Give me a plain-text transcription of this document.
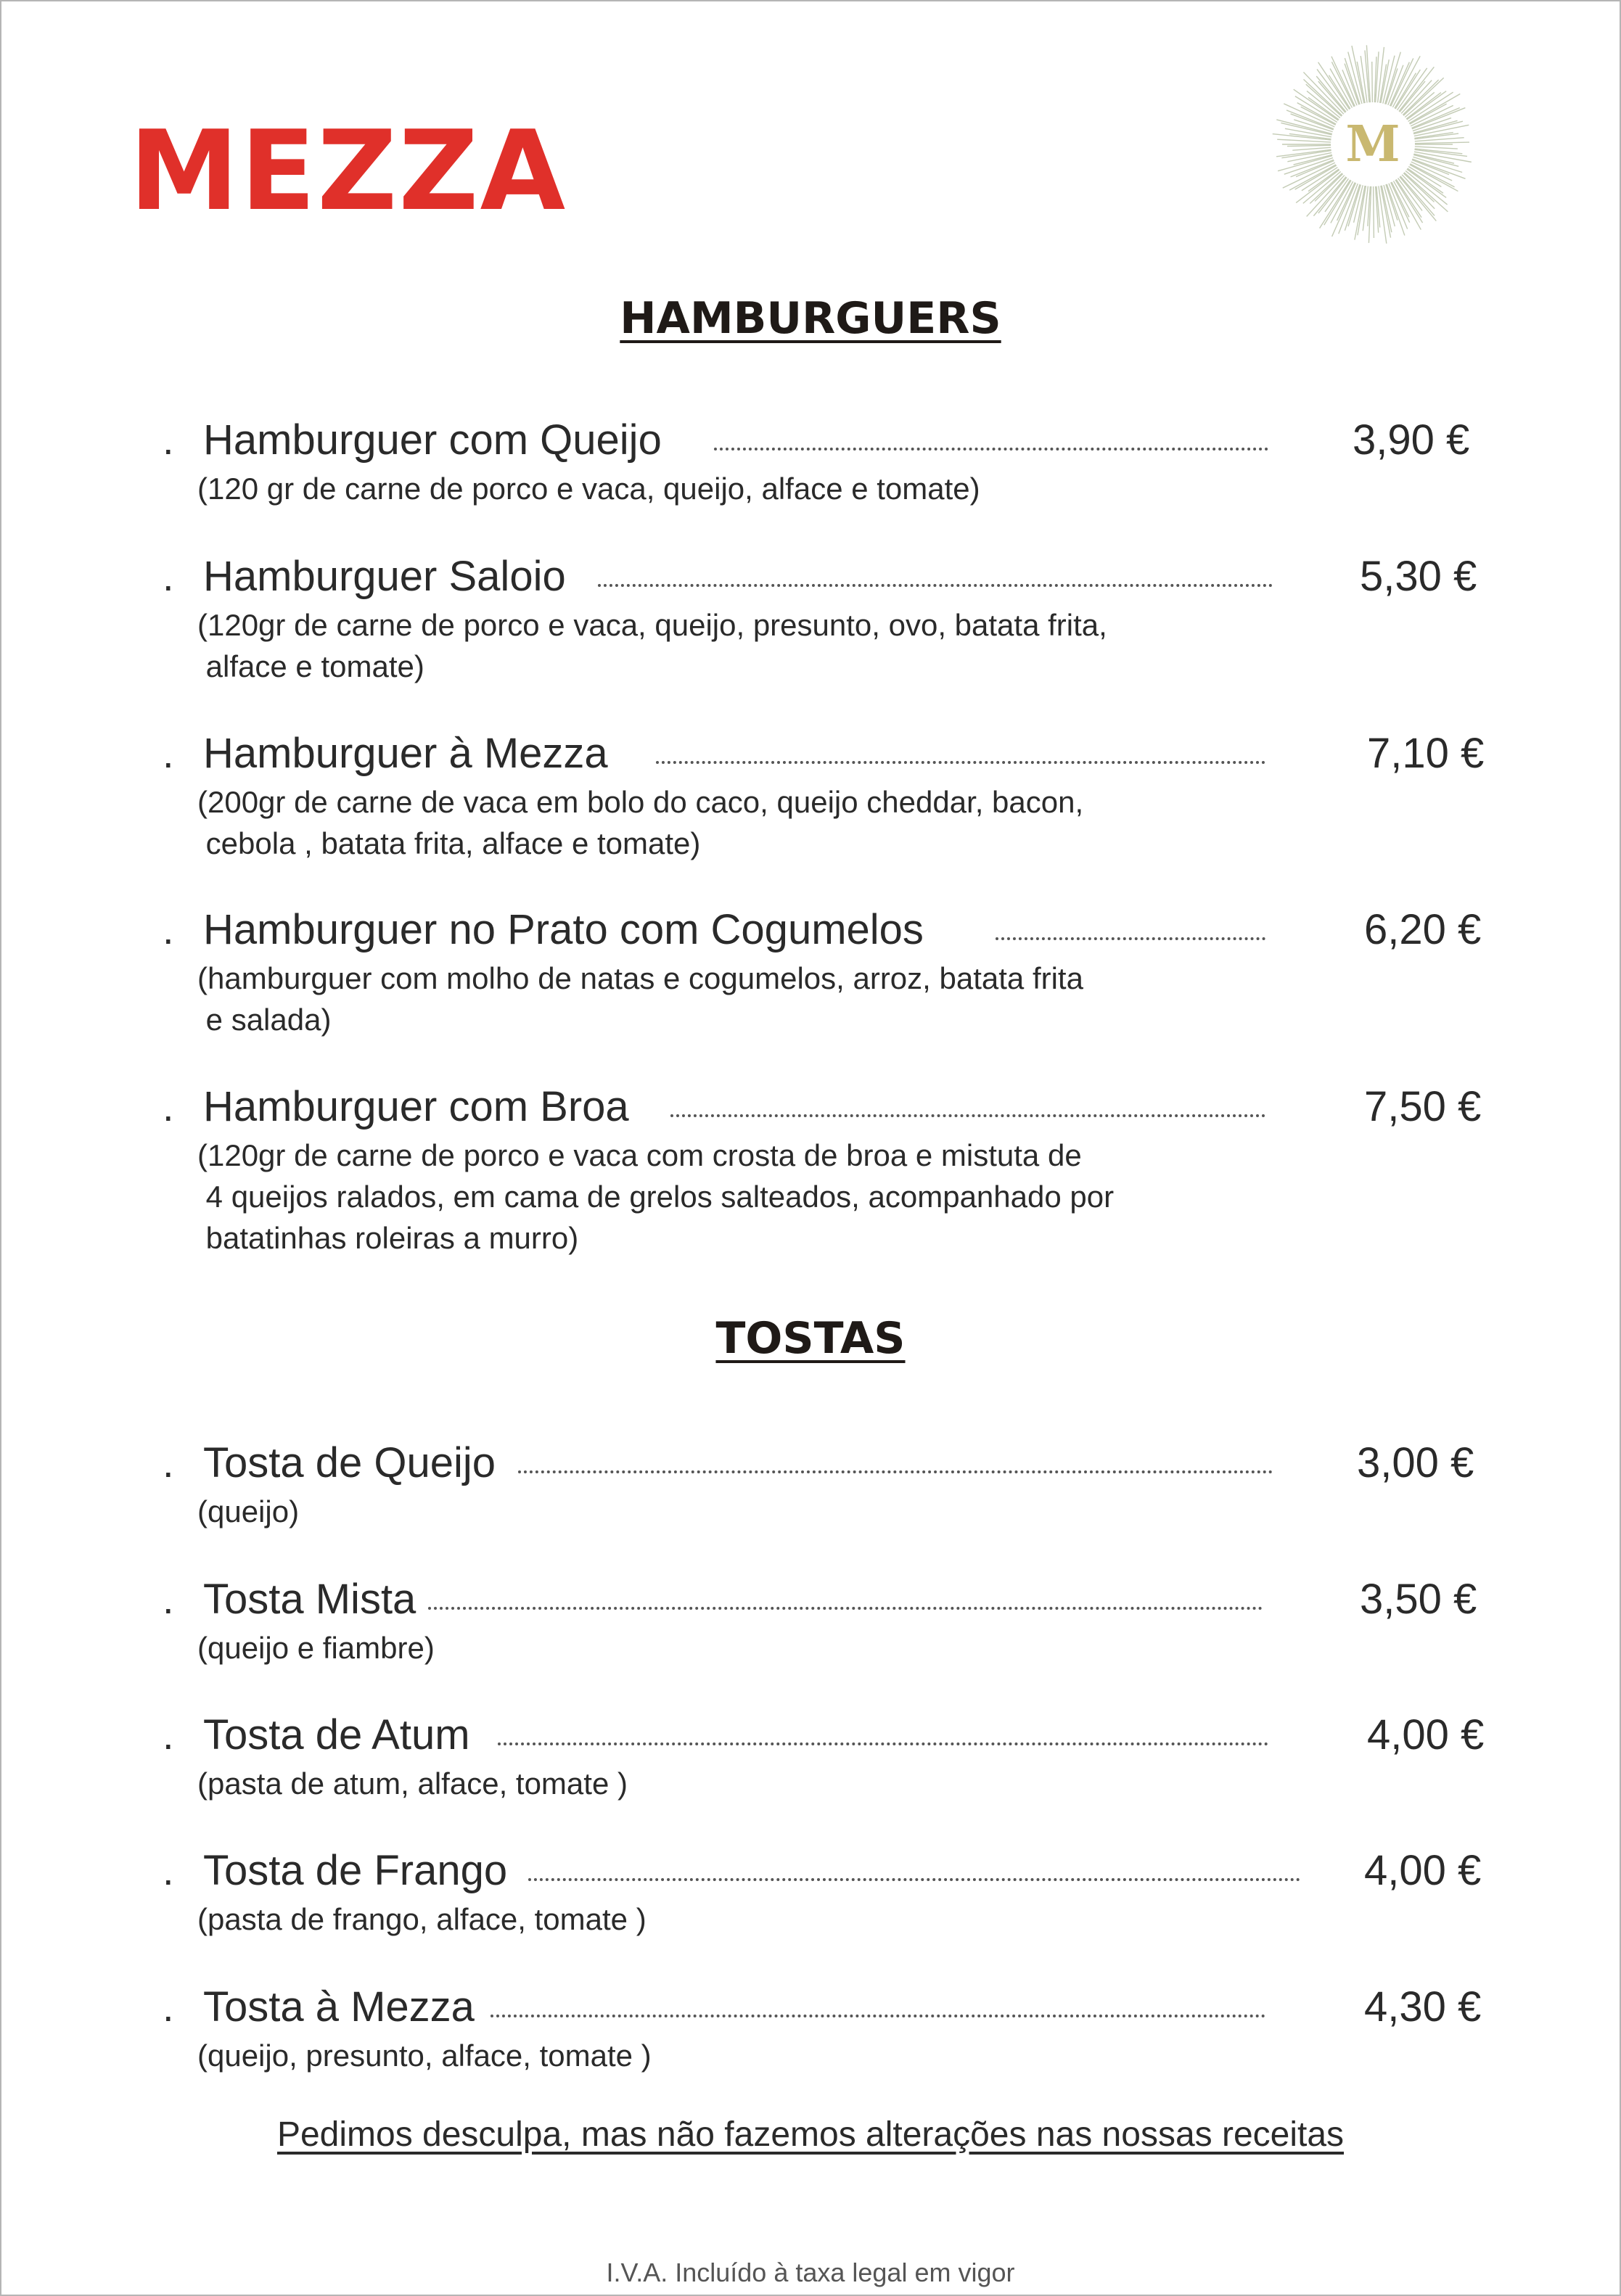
MEZZA	M
HAMBURGUERS
. Hamburguer com Queijo	3,90 €
(120 gr de carne de porco e vaca, queijo, alface e tomate)
. Hamburguer Saloio	5,30 €
(120gr de carne de porco e vaca, queijo, presunto, ovo, batata frita,
alface e tomate)
. Hamburguer à Mezza	7,10 €
(200gr de carne de vaca em bolo do caco, queijo cheddar, bacon,
cebola , batata frita, alface e tomate)
. Hamburguer no Prato com Cogumelos	6,20 €
(hamburguer com molho de natas e cogumelos, arroz, batata frita
e salada)
. Hamburguer com Broa	7,50 €
(120gr de carne de porco e vaca com crosta de broa e mistuta de
4 queijos ralados, em cama de grelos salteados, acompanhado por
batatinhas roleiras a murro)
TOSTAS
. Tosta de Queijo	3,00 €
(queijo)
. Tosta Mista	3,50 €
(queijo e fiambre)
. Tosta de Atum	4,00 €
(pasta de atum, alface, tomate )
. Tosta de Frango	4,00 €
(pasta de frango, alface, tomate )
. Tosta à Mezza	4,30 €
(queijo, presunto, alface, tomate )
Pedimos desculpa, mas não fazemos alterações nas nossas receitas
I.V.A. Incluído à taxa legal em vigor
